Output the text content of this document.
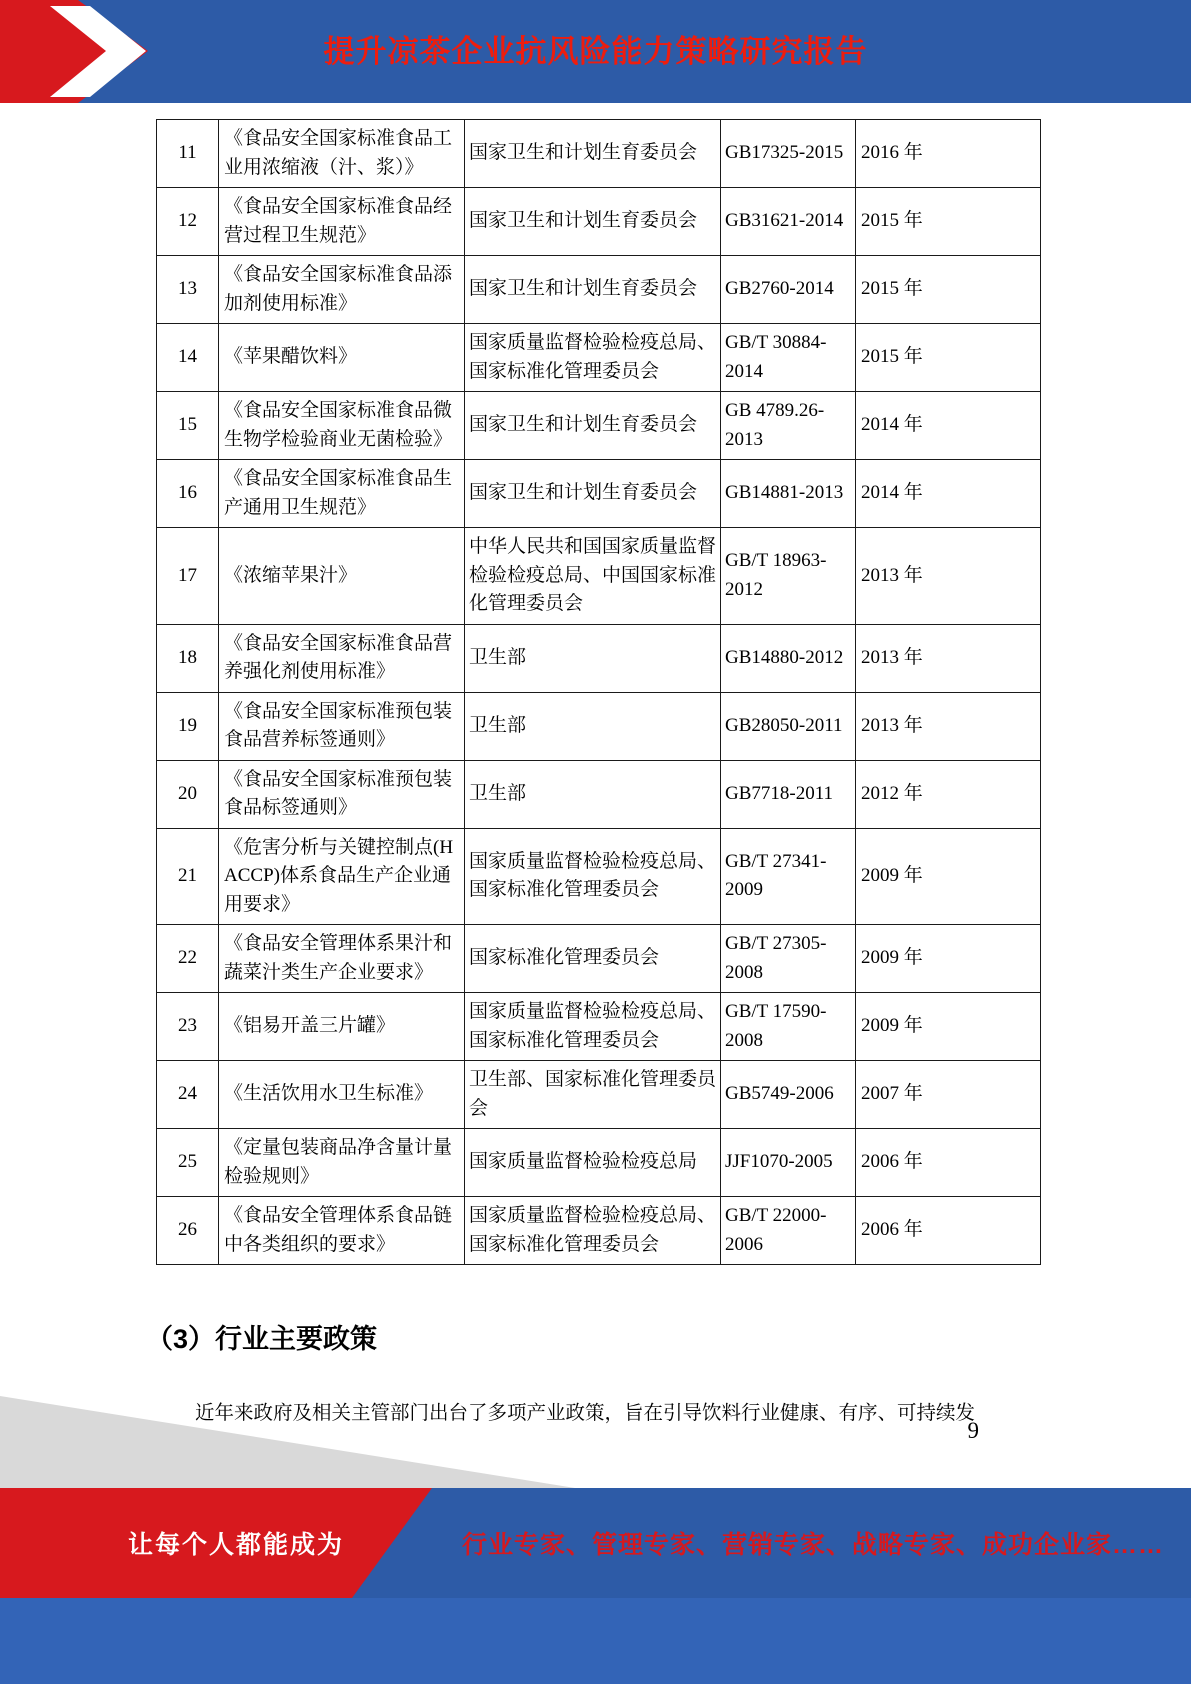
提升凉茶企业抗风险能力策略研究报告
11	《食品安全国家标准食品工业用浓缩液（汁、浆）》	国家卫生和计划生育委员会	GB17325-2015	2016 年
12	《食品安全国家标准食品经营过程卫生规范》	国家卫生和计划生育委员会	GB31621-2014	2015 年
13	《食品安全国家标准食品添加剂使用标准》	国家卫生和计划生育委员会	GB2760-2014	2015 年
14	《苹果醋饮料》	国家质量监督检验检疫总局、国家标准化管理委员会	GB/T 30884-2014	2015 年
15	《食品安全国家标准食品微生物学检验商业无菌检验》	国家卫生和计划生育委员会	GB 4789.26-2013	2014 年
16	《食品安全国家标准食品生产通用卫生规范》	国家卫生和计划生育委员会	GB14881-2013	2014 年
17	《浓缩苹果汁》	中华人民共和国国家质量监督检验检疫总局、中国国家标准化管理委员会	GB/T 18963-2012	2013 年
18	《食品安全国家标准食品营养强化剂使用标准》	卫生部	GB14880-2012	2013 年
19	《食品安全国家标准预包装食品营养标签通则》	卫生部	GB28050-2011	2013 年
20	《食品安全国家标准预包装食品标签通则》	卫生部	GB7718-2011	2012 年
21	《危害分析与关键控制点(HACCP)体系食品生产企业通用要求》	国家质量监督检验检疫总局、国家标准化管理委员会	GB/T 27341-2009	2009 年
22	《食品安全管理体系果汁和蔬菜汁类生产企业要求》	国家标准化管理委员会	GB/T 27305-2008	2009 年
23	《铝易开盖三片罐》	国家质量监督检验检疫总局、国家标准化管理委员会	GB/T 17590-2008	2009 年
24	《生活饮用水卫生标准》	卫生部、国家标准化管理委员会	GB5749-2006	2007 年
25	《定量包装商品净含量计量检验规则》	国家质量监督检验检疫总局	JJF1070-2005	2006 年
26	《食品安全管理体系食品链中各类组织的要求》	国家质量监督检验检疫总局、国家标准化管理委员会	GB/T 22000-2006	2006 年
（3）行业主要政策

近年来政府及相关主管部门出台了多项产业政策，旨在引导饮料行业健康、有序、可持续发

9
让每个人都能成为	行业专家、管理专家、营销专家、战略专家、成功企业家……
